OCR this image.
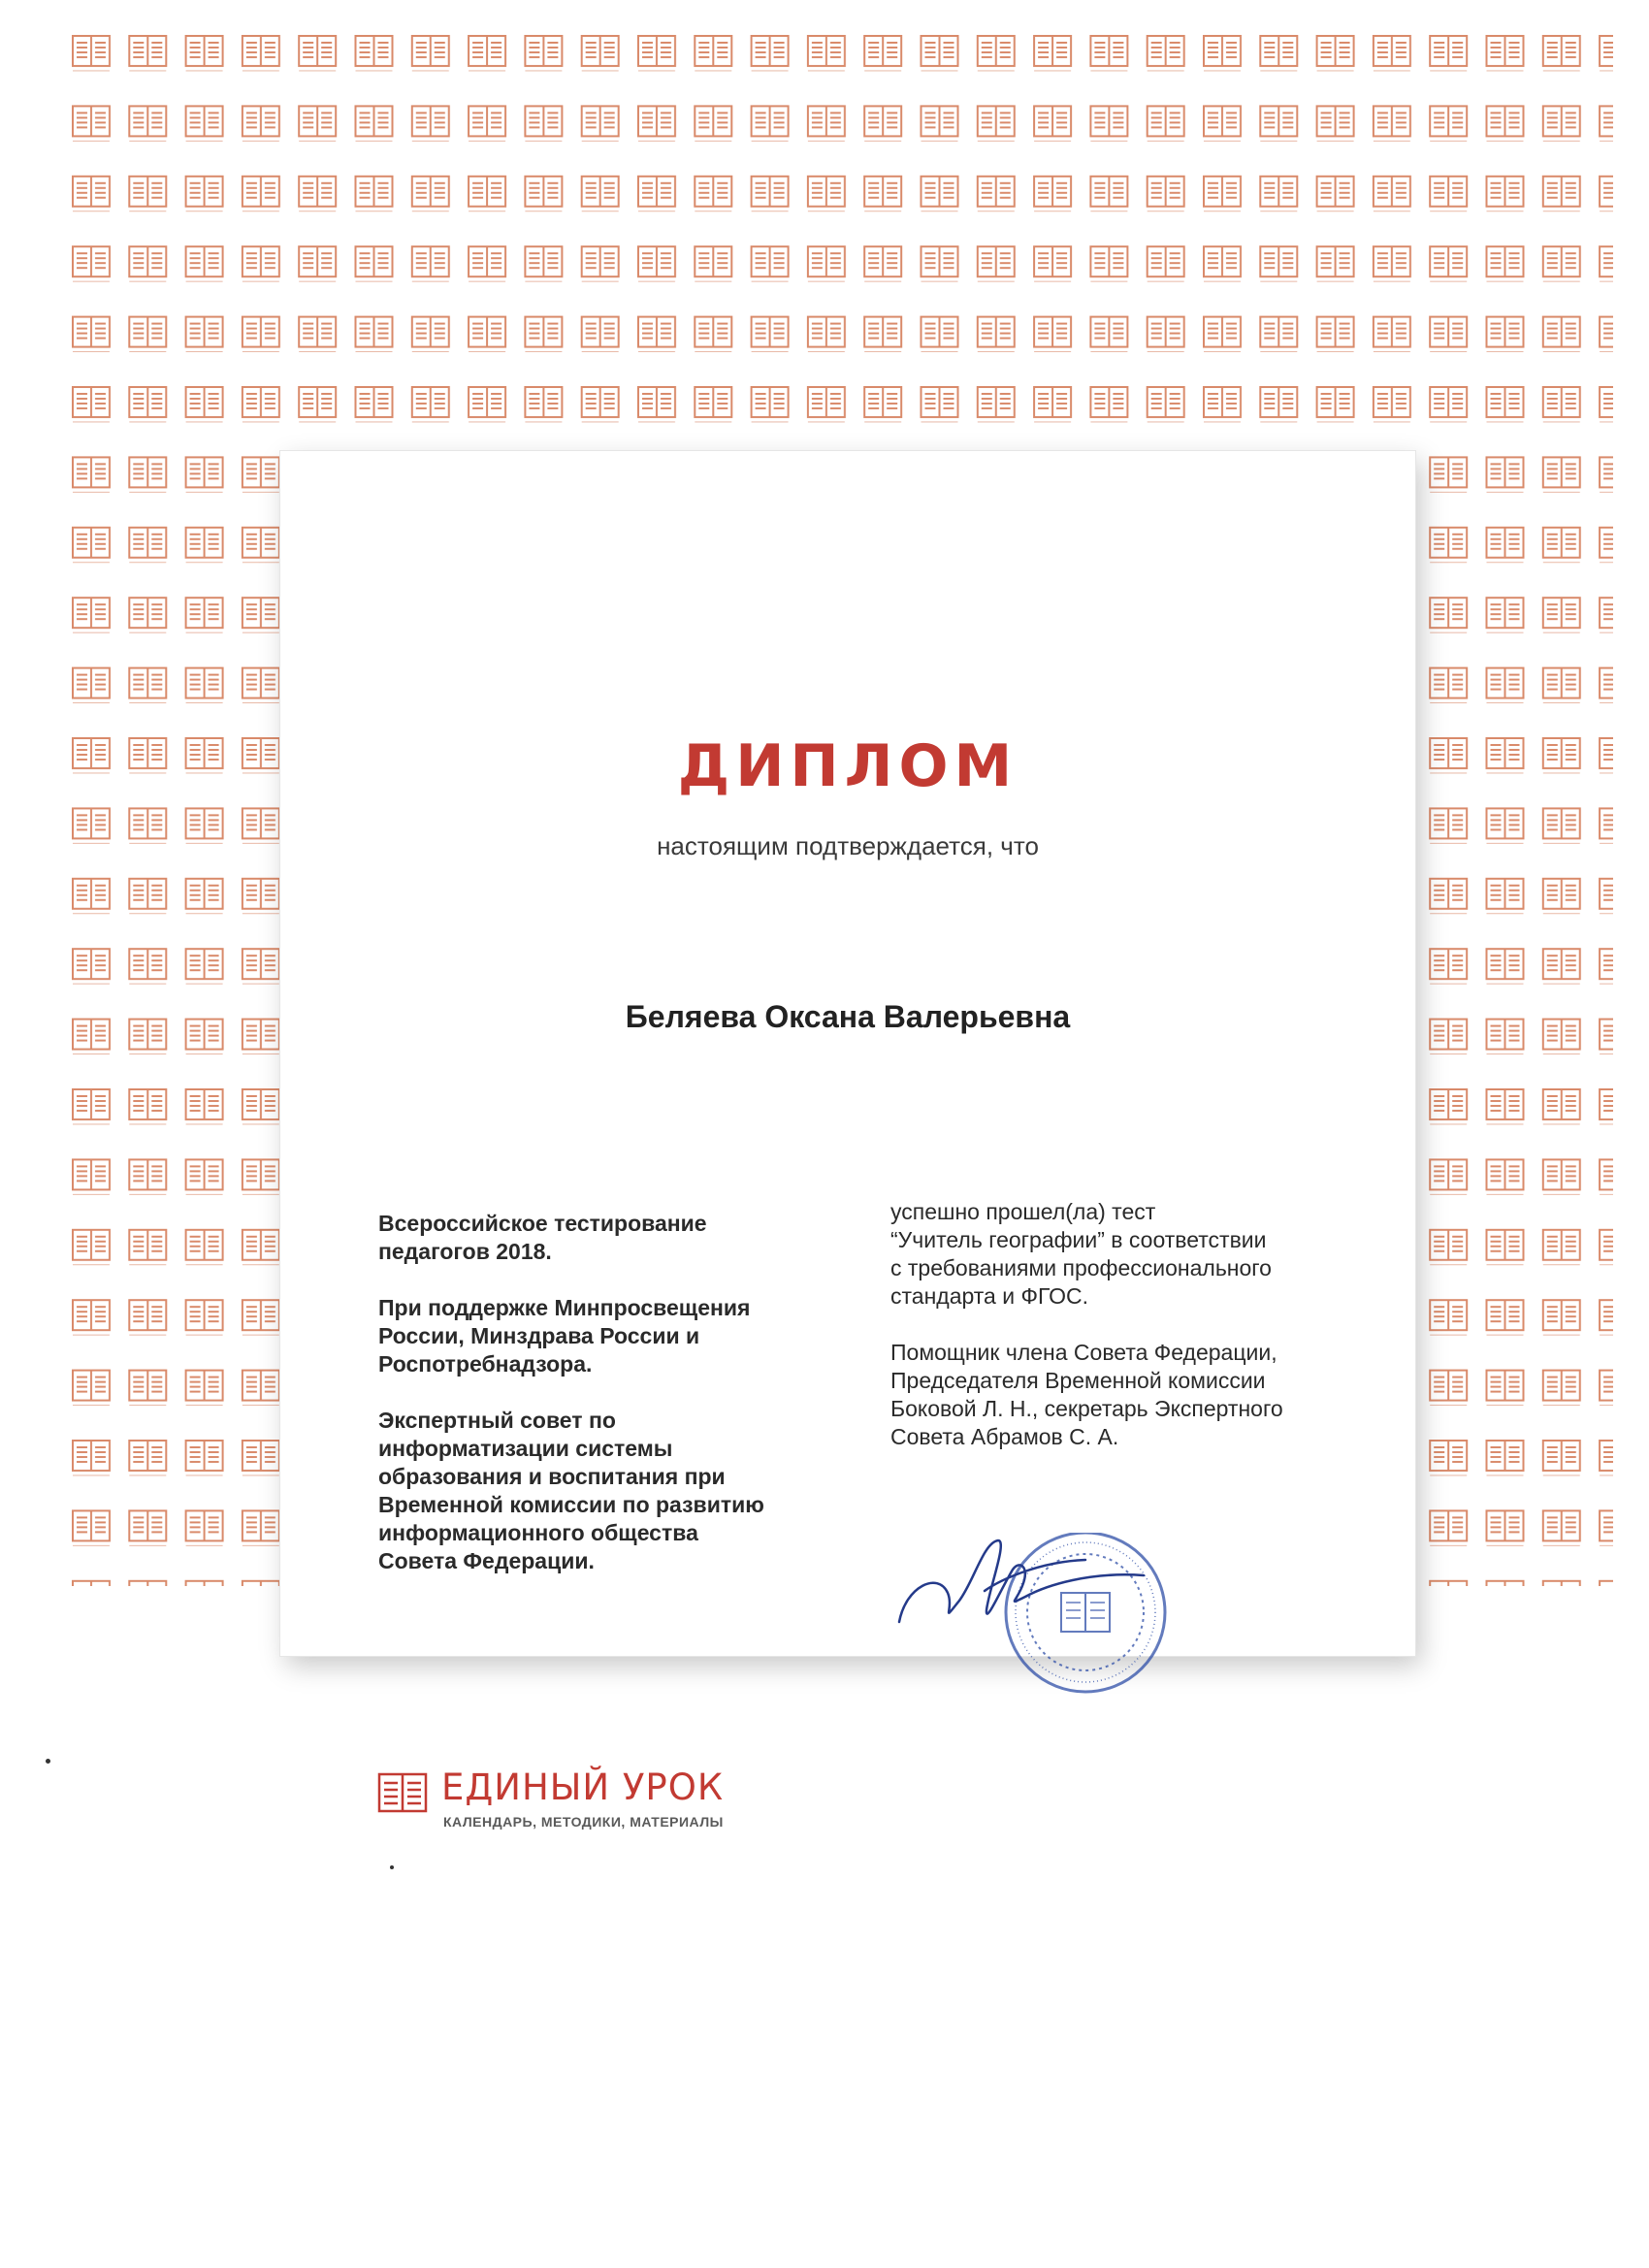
ДИПЛОМ
настоящим подтверждается, что
Беляева Оксана Валерьевна

Всероссийское тестирование
педагогов 2018.

При поддержке Минпросвещения
России, Минздрава России и
Роспотребнадзора.

Экспертный совет по
информатизации системы
образования и воспитания при
Временной комиссии по развитию
информационного общества
Совета Федерации.

успешно прошел(ла) тест
“Учитель географии” в соответствии
с требованиями профессионального
стандарта и ФГОС.

Помощник члена Совета Федерации,
Председателя Временной комиссии
Боковой Л. Н., секретарь Экспертного
Совета Абрамов С. А.

ЕДИНЫЙ УРОК
КАЛЕНДАРЬ, МЕТОДИКИ, МАТЕРИАЛЫ
